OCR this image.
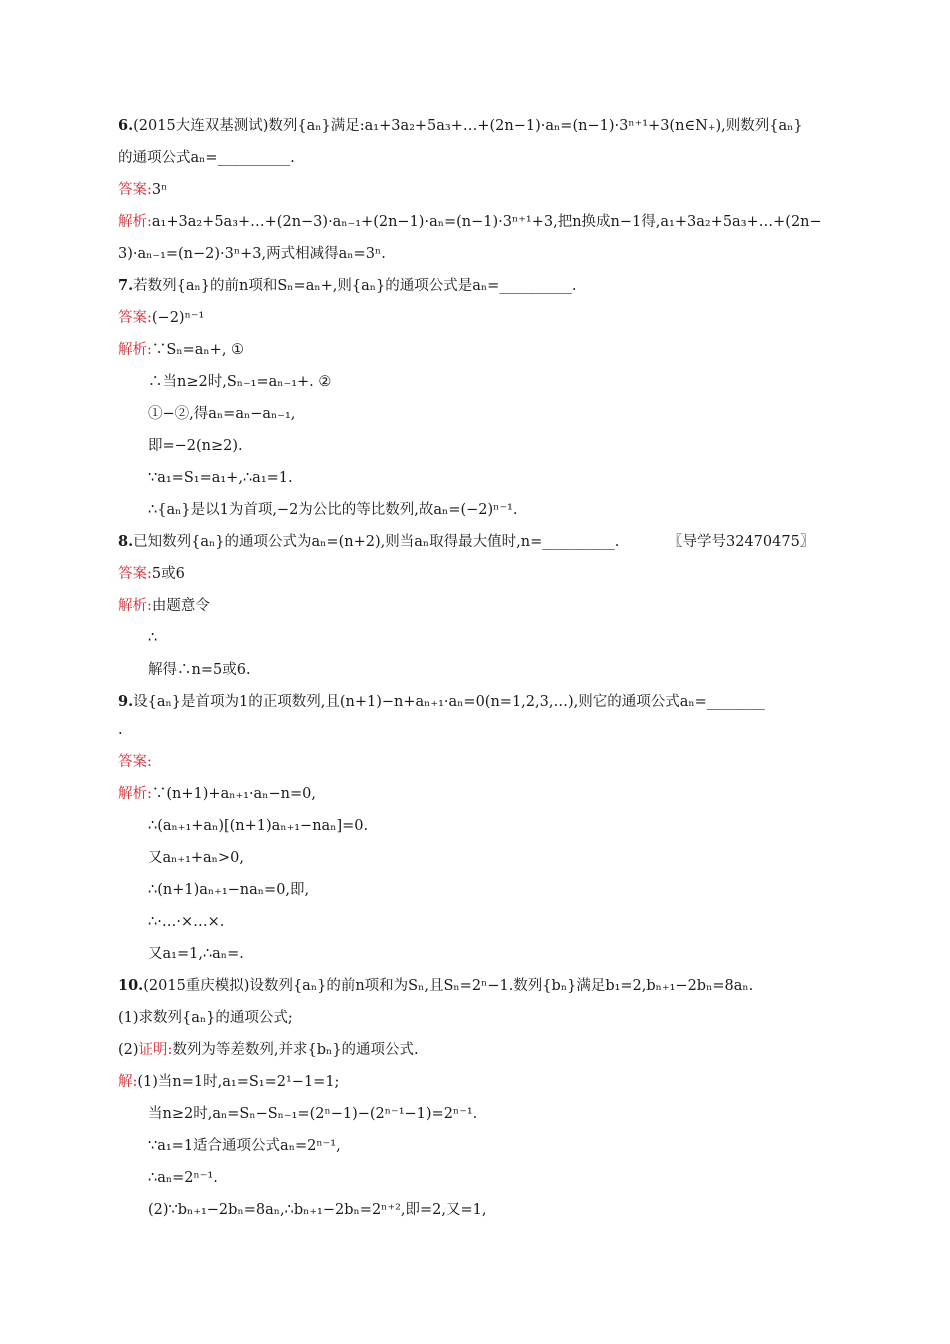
6.(2015大连双基测试)数列{aₙ}满足:a₁+3a₂+5a₃+…+(2n−1)·aₙ=(n−1)·3ⁿ⁺¹+3(n∈N₊),则数列{aₙ}
的通项公式aₙ=__________.
答案:3ⁿ
解析:a₁+3a₂+5a₃+…+(2n−3)·aₙ₋₁+(2n−1)·aₙ=(n−1)·3ⁿ⁺¹+3,把n换成n−1得,a₁+3a₂+5a₃+…+(2n−
3)·aₙ₋₁=(n−2)·3ⁿ+3,两式相减得aₙ=3ⁿ.
7.若数列{aₙ}的前n项和Sₙ=aₙ+,则{aₙ}的通项公式是aₙ=__________.
答案:(−2)ⁿ⁻¹
解析:∵Sₙ=aₙ+, ①
∴当n≥2时,Sₙ₋₁=aₙ₋₁+. ②
①−②,得aₙ=aₙ−aₙ₋₁,
即=−2(n≥2).
∵a₁=S₁=a₁+,∴a₁=1.
∴{aₙ}是以1为首项,−2为公比的等比数列,故aₙ=(−2)ⁿ⁻¹.
8.已知数列{aₙ}的通项公式为aₙ=(n+2),则当aₙ取得最大值时,n=__________.	〖导学号32470475〗
答案:5或6
解析:由题意令
∴
解得∴n=5或6.
9.设{aₙ}是首项为1的正项数列,且(n+1)−n+aₙ₊₁·aₙ=0(n=1,2,3,…),则它的通项公式aₙ=________
.
答案:
解析:∵(n+1)+aₙ₊₁·aₙ−n=0,
∴(aₙ₊₁+aₙ)[(n+1)aₙ₊₁−naₙ]=0.
又aₙ₊₁+aₙ>0,
∴(n+1)aₙ₊₁−naₙ=0,即,
∴·…·×…×.
又a₁=1,∴aₙ=.
10.(2015重庆模拟)设数列{aₙ}的前n项和为Sₙ,且Sₙ=2ⁿ−1.数列{bₙ}满足b₁=2,bₙ₊₁−2bₙ=8aₙ.
(1)求数列{aₙ}的通项公式;
(2)证明:数列为等差数列,并求{bₙ}的通项公式.
解:(1)当n=1时,a₁=S₁=2¹−1=1;
当n≥2时,aₙ=Sₙ−Sₙ₋₁=(2ⁿ−1)−(2ⁿ⁻¹−1)=2ⁿ⁻¹.
∵a₁=1适合通项公式aₙ=2ⁿ⁻¹,
∴aₙ=2ⁿ⁻¹.
(2)∵bₙ₊₁−2bₙ=8aₙ,∴bₙ₊₁−2bₙ=2ⁿ⁺²,即=2,又=1,
